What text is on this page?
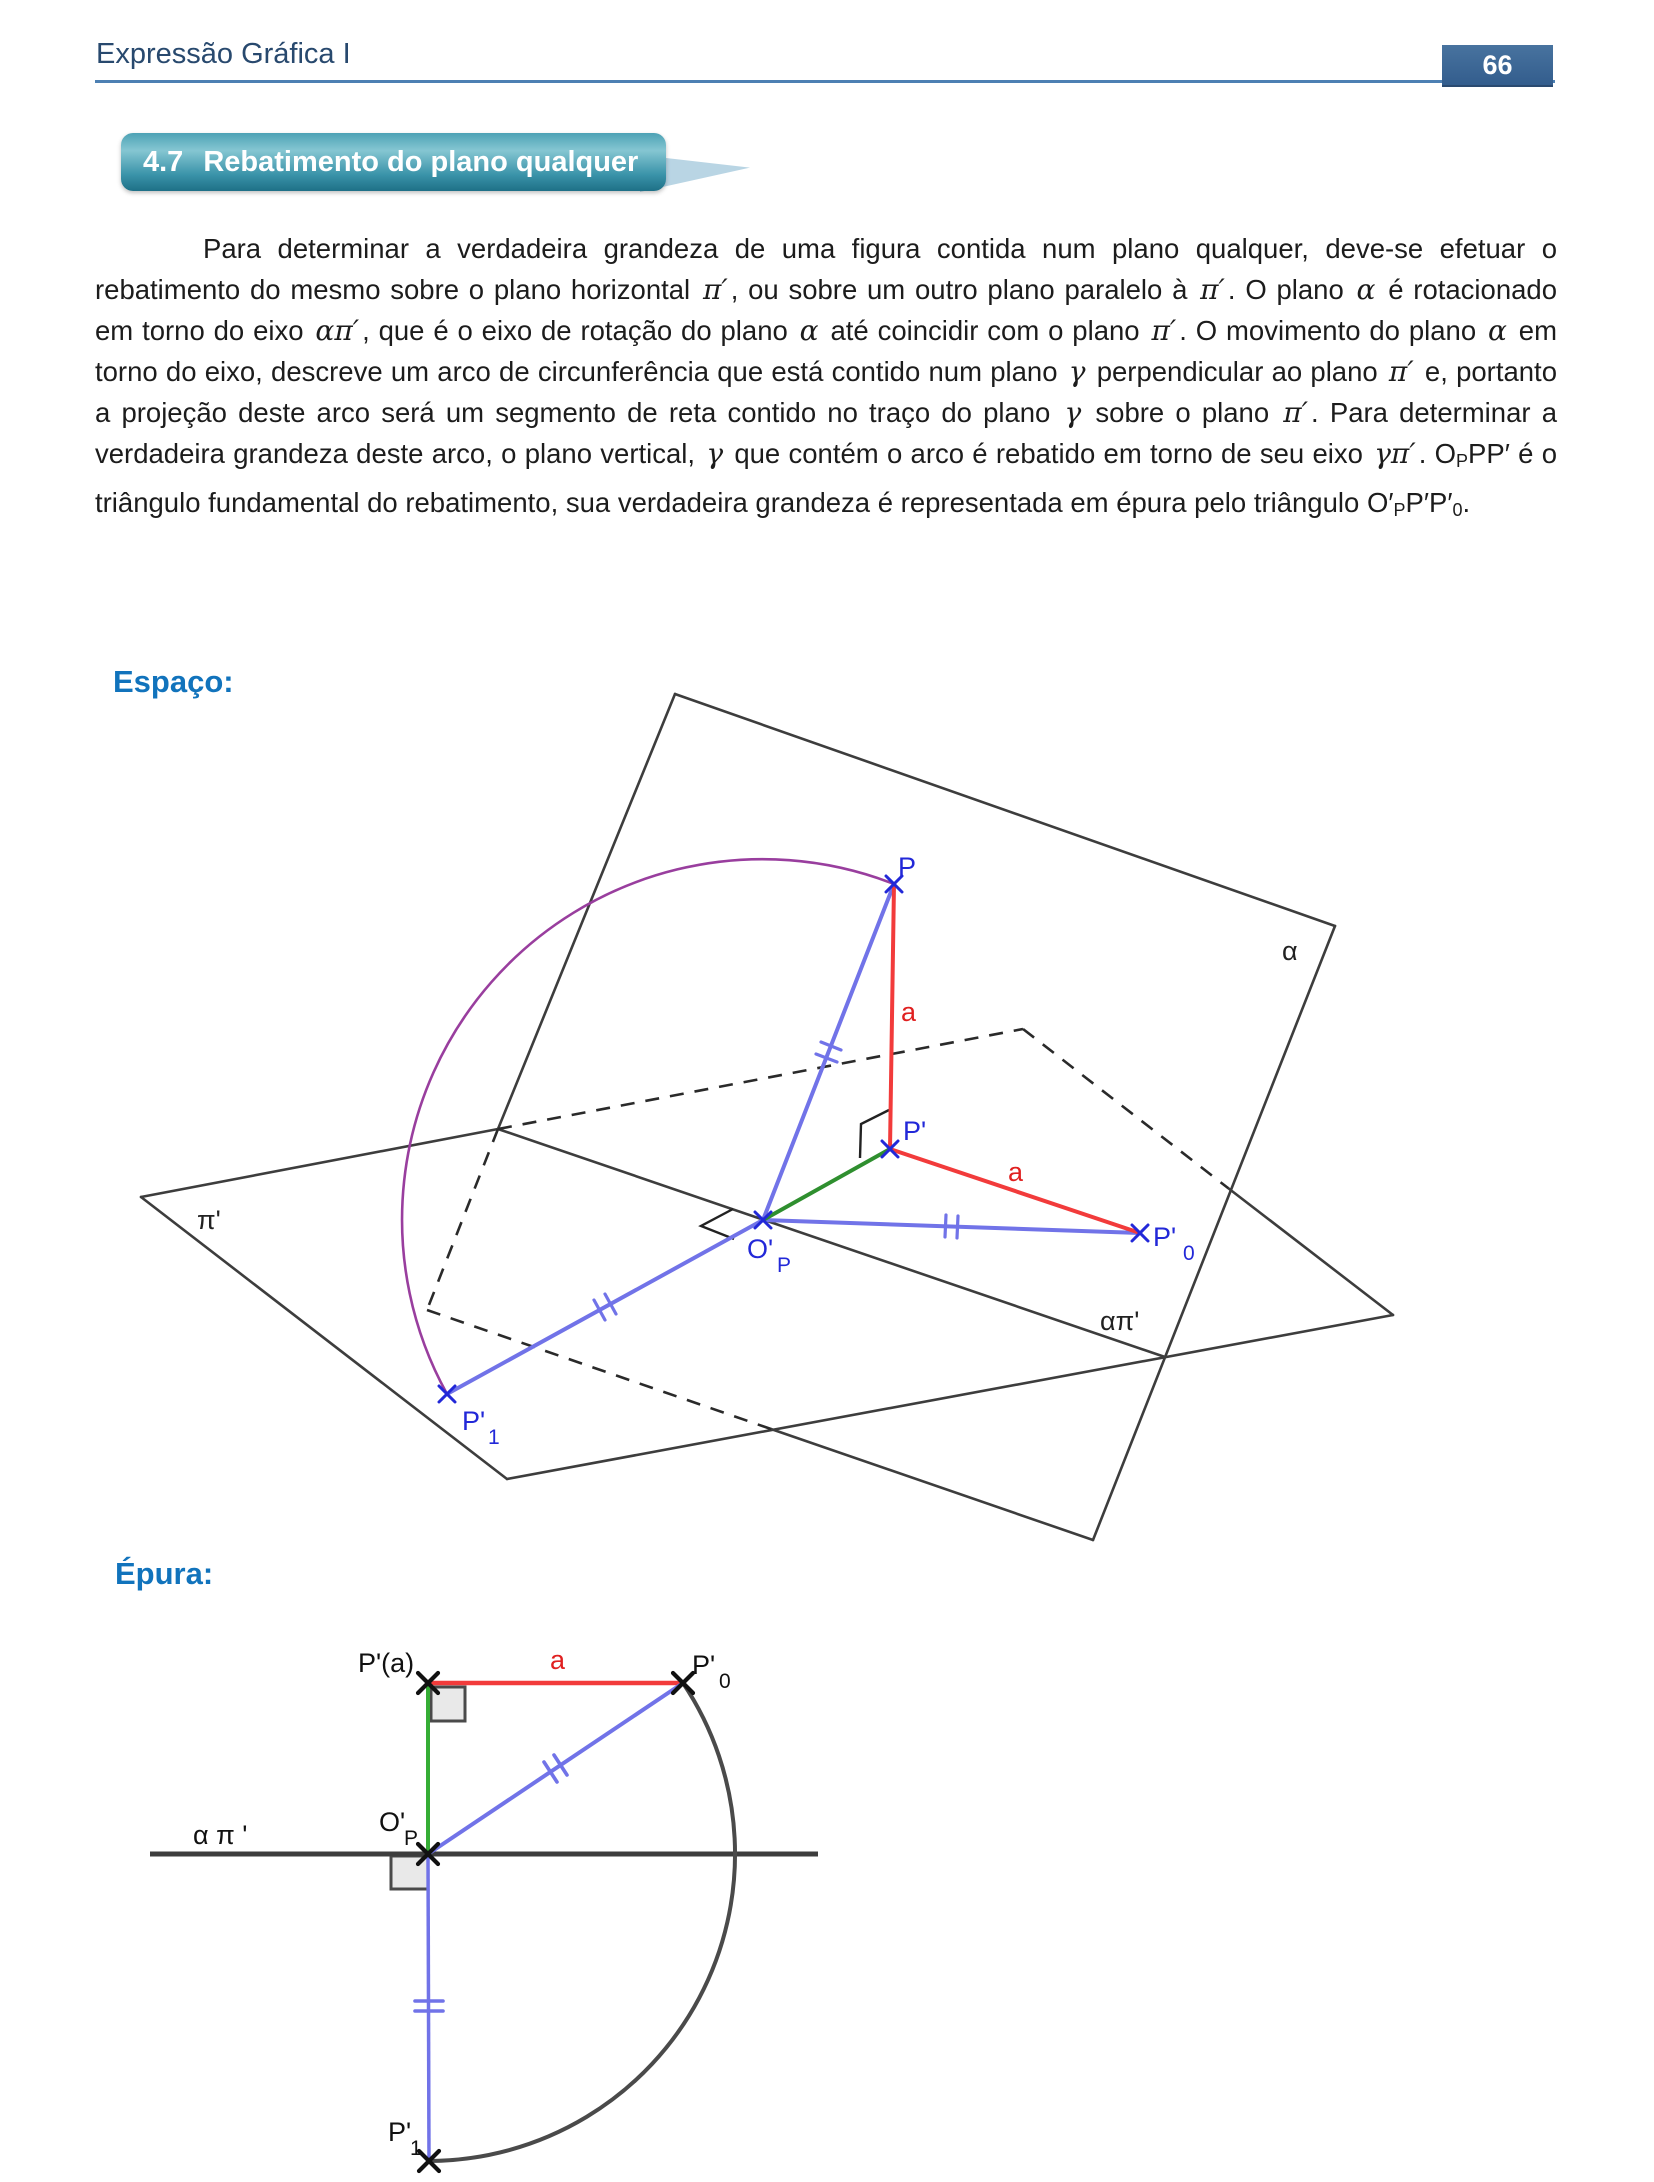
Expressão Gráfica I	66
4.7 Rebatimento do plano qualquer
Para determinar a verdadeira grandeza de uma figura contida num plano qualquer, deve-se efetuar o rebatimento do mesmo sobre o plano horizontal π′ , ou sobre um outro plano paralelo à π′ . O plano α é rotacionado em torno do eixo απ′ , que é o eixo de rotação do plano α até coincidir com o plano π′ . O movimento do plano α em torno do eixo, descreve um arco de circunferência que está contido num plano γ perpendicular ao plano π′ e, portanto a projeção deste arco será um segmento de reta contido no traço do plano γ sobre o plano π′ . Para determinar a verdadeira grandeza deste arco, o plano vertical, γ que contém o arco é rebatido em torno de seu eixo γπ′ . OPPP′ é o triângulo fundamental do rebatimento, sua verdadeira grandeza é representada em épura pelo triângulo O′PP′P′0.
Espaço:
P
P'
O'
P
P'
0
P'
1
a
a
α
απ'
π'
Épura:
P'(a)	a	P'
0
O'
P
α π '
P'
1
